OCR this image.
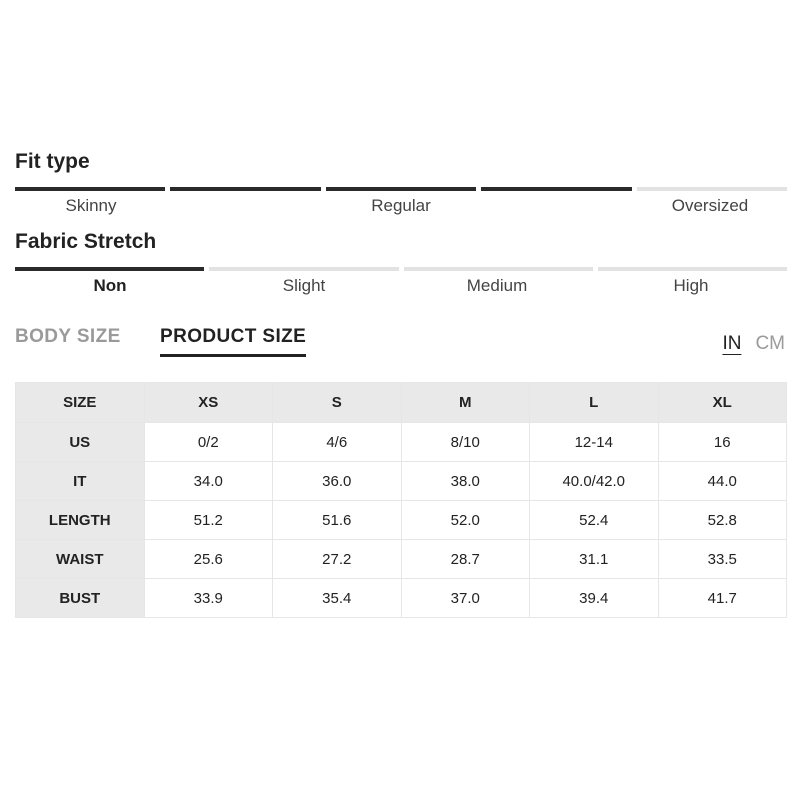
Fit type
Skinny	Regular	Oversized
Fabric Stretch
Non	Slight	Medium	High
BODY SIZE PRODUCT SIZE	IN CM
SIZE	XS	S	M	L	XL
US	0/2	4/6	8/10	12-14	16
IT	34.0	36.0	38.0	40.0/42.0	44.0
LENGTH	51.2	51.6	52.0	52.4	52.8
WAIST	25.6	27.2	28.7	31.1	33.5
BUST	33.9	35.4	37.0	39.4	41.7
